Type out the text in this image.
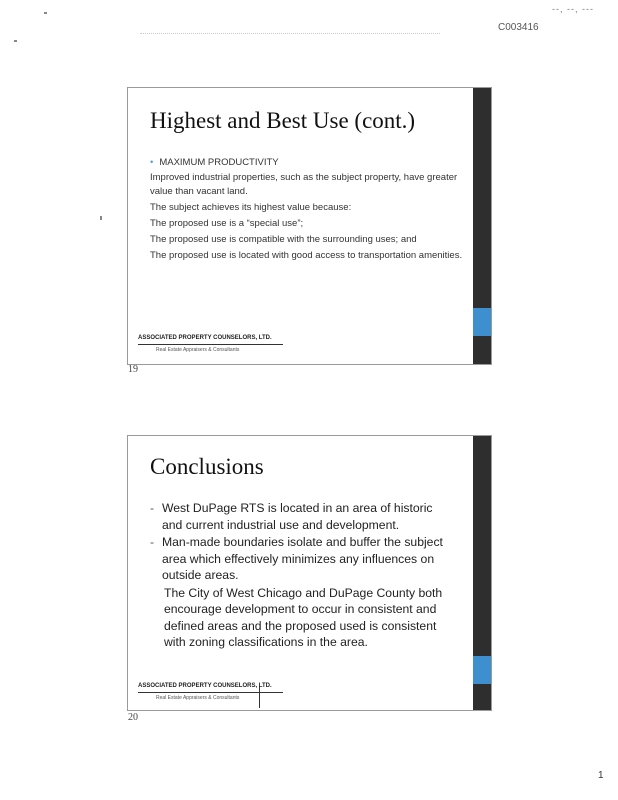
C003416
--, --, ---
Highest and Best Use (cont.)
• MAXIMUM PRODUCTIVITY
Improved industrial properties, such as the subject property, have greater value than vacant land.
The subject achieves its highest value because:
The proposed use is a “special use”;
The proposed use is compatible with the surrounding uses; and
The proposed use is located with good access to transportation amenities.
ASSOCIATED PROPERTY COUNSELORS, LTD.
Real Estate Appraisers & Consultants
19
Conclusions
- West DuPage RTS is located in an area of historic and current industrial use and development.
- Man-made boundaries isolate and buffer the subject area which effectively minimizes any influences on outside areas.
The City of West Chicago and DuPage County both encourage development to occur in consistent and defined areas and the proposed used is consistent with zoning classifications in the area.
ASSOCIATED PROPERTY COUNSELORS, LTD.
Real Estate Appraisers & Consultants
20
1
